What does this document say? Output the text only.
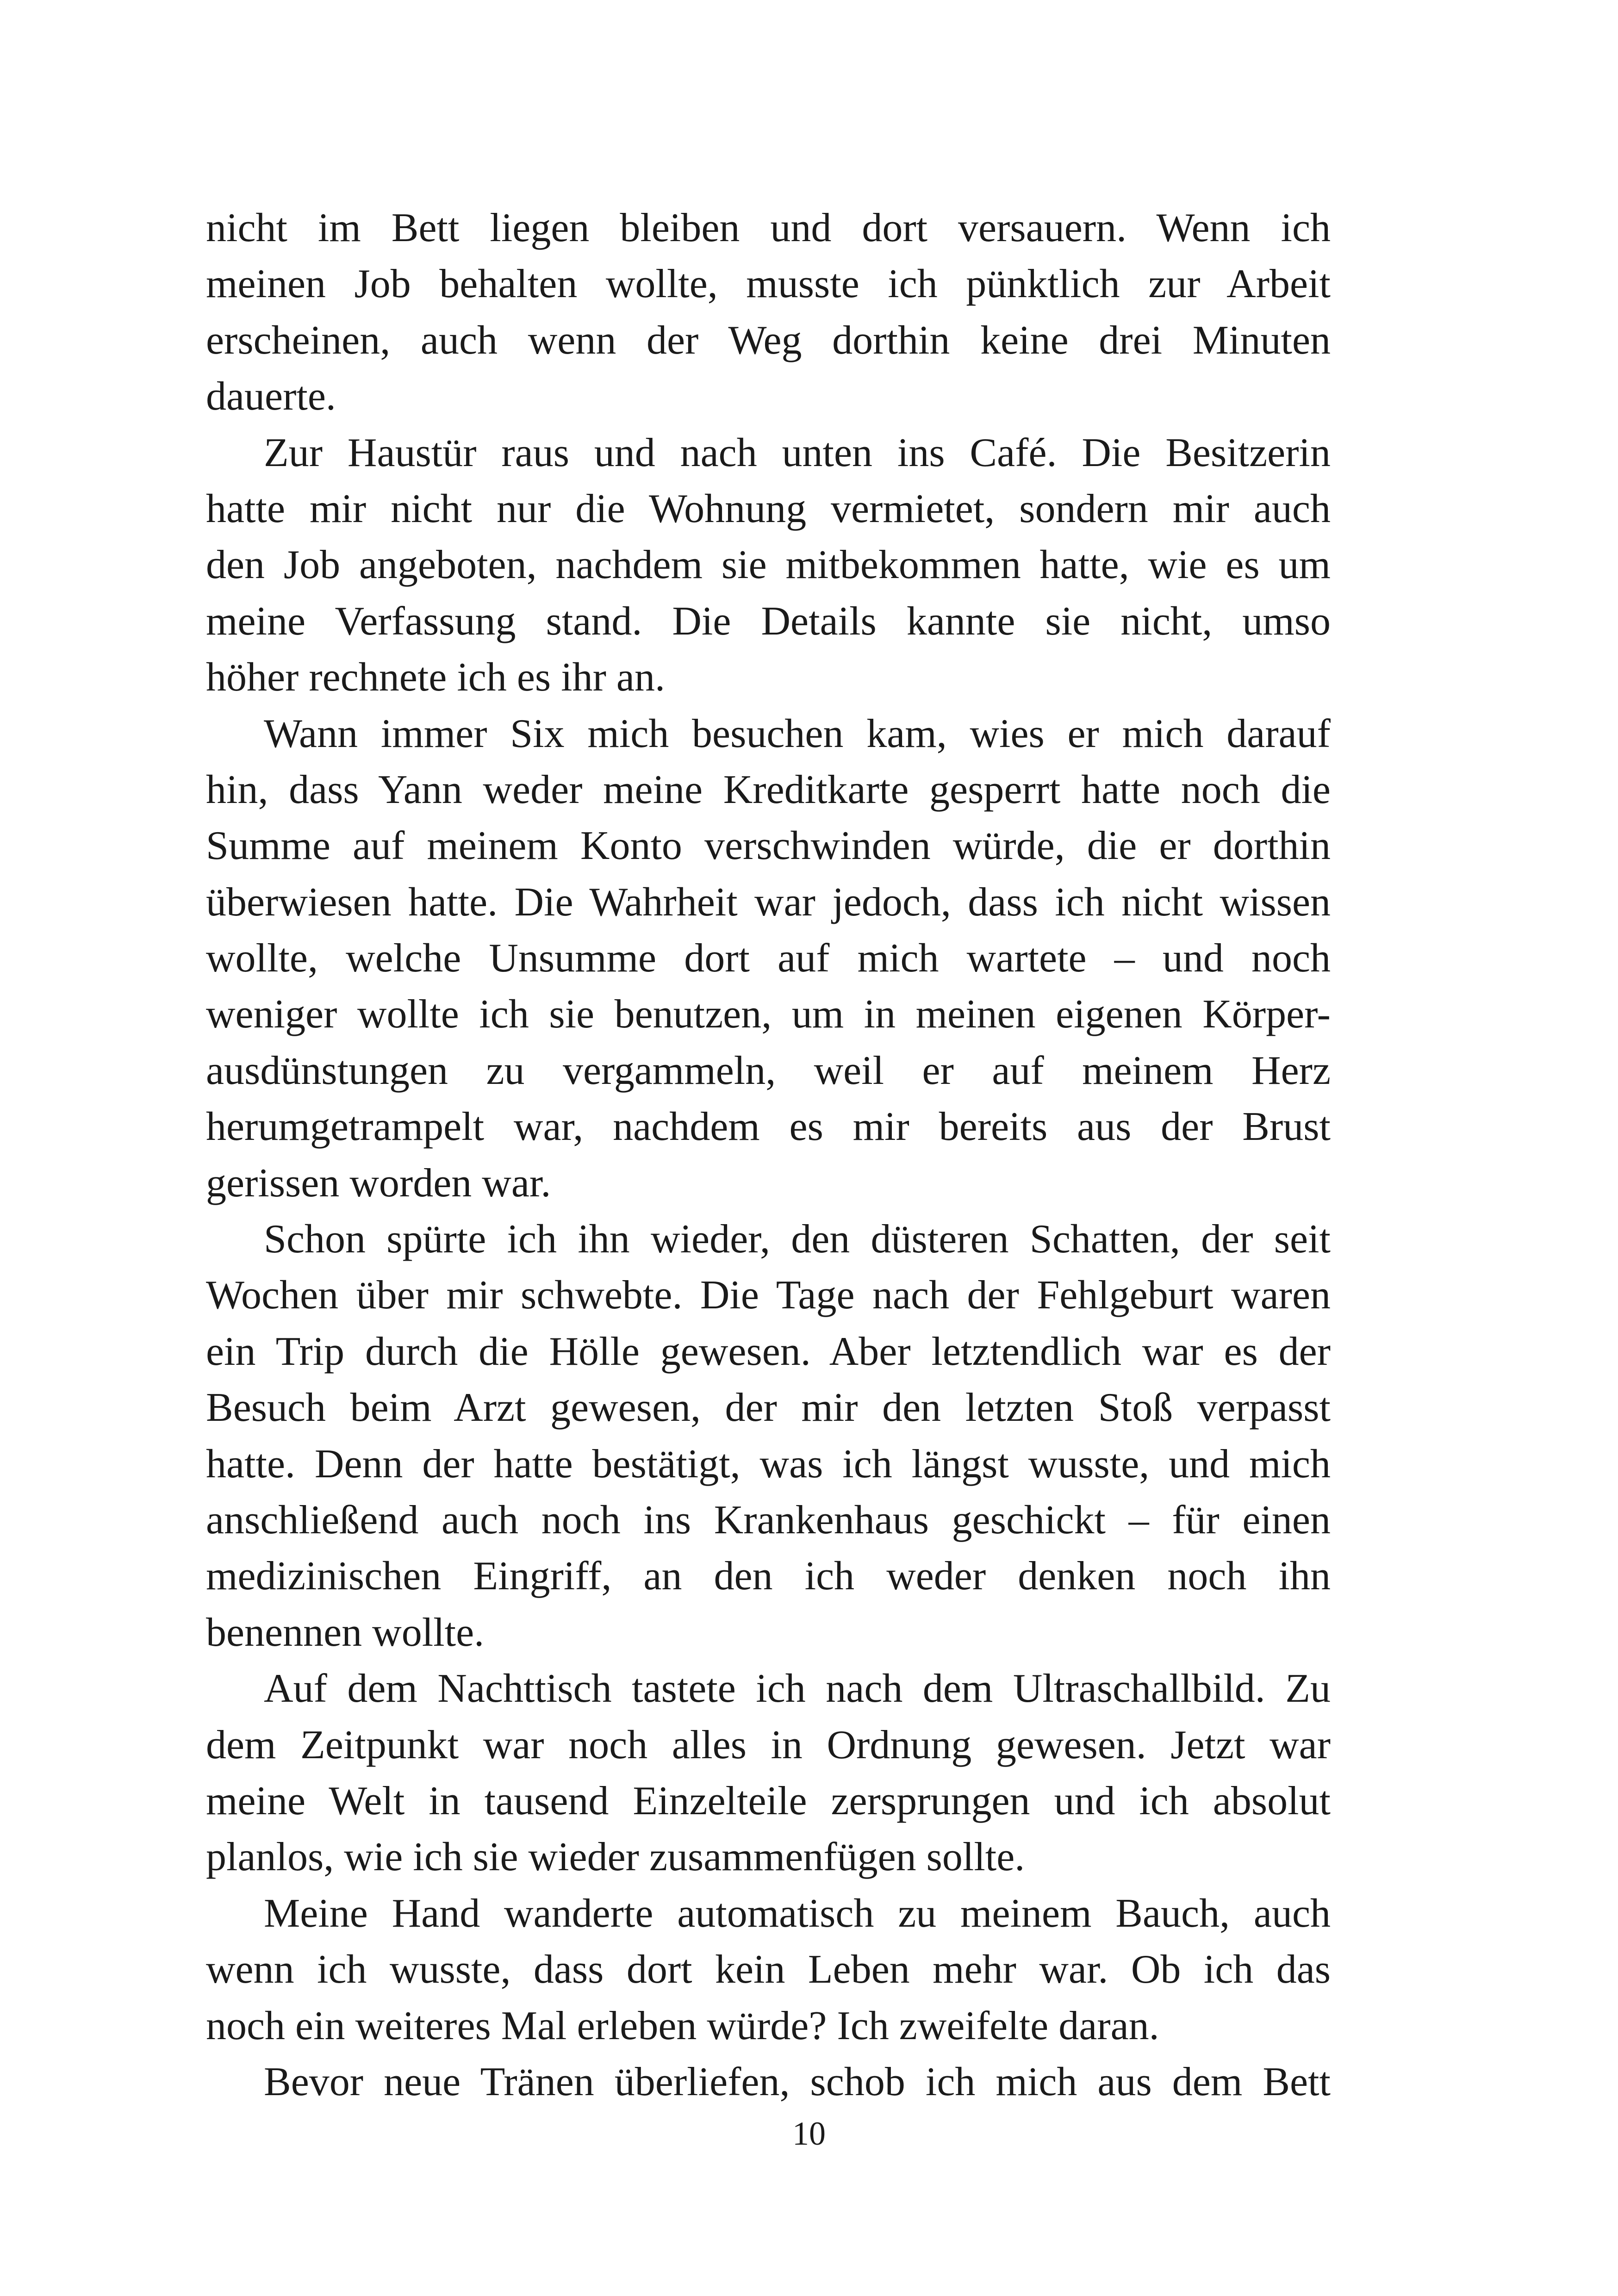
nicht im Bett liegen bleiben und dort versauern. Wenn ich
meinen Job behalten wollte, musste ich pünktlich zur Arbeit
erscheinen, auch wenn der Weg dorthin keine drei Minuten
dauerte.
Zur Haustür raus und nach unten ins Café. Die Besitzerin
hatte mir nicht nur die Wohnung vermietet, sondern mir auch
den Job angeboten, nachdem sie mitbekommen hatte, wie es um
meine Verfassung stand. Die Details kannte sie nicht, umso
höher rechnete ich es ihr an.
Wann immer Six mich besuchen kam, wies er mich darauf
hin, dass Yann weder meine Kreditkarte gesperrt hatte noch die
Summe auf meinem Konto verschwinden würde, die er dorthin
überwiesen hatte. Die Wahrheit war jedoch, dass ich nicht wissen
wollte, welche Unsumme dort auf mich wartete – und noch
weniger wollte ich sie benutzen, um in meinen eigenen Körper-
ausdünstungen zu vergammeln, weil er auf meinem Herz
herumgetrampelt war, nachdem es mir bereits aus der Brust
gerissen worden war.
Schon spürte ich ihn wieder, den düsteren Schatten, der seit
Wochen über mir schwebte. Die Tage nach der Fehlgeburt waren
ein Trip durch die Hölle gewesen. Aber letztendlich war es der
Besuch beim Arzt gewesen, der mir den letzten Stoß verpasst
hatte. Denn der hatte bestätigt, was ich längst wusste, und mich
anschließend auch noch ins Krankenhaus geschickt – für einen
medizinischen Eingriff, an den ich weder denken noch ihn
benennen wollte.
Auf dem Nachttisch tastete ich nach dem Ultraschallbild. Zu
dem Zeitpunkt war noch alles in Ordnung gewesen. Jetzt war
meine Welt in tausend Einzelteile zersprungen und ich absolut
planlos, wie ich sie wieder zusammenfügen sollte.
Meine Hand wanderte automatisch zu meinem Bauch, auch
wenn ich wusste, dass dort kein Leben mehr war. Ob ich das
noch ein weiteres Mal erleben würde? Ich zweifelte daran.
Bevor neue Tränen überliefen, schob ich mich aus dem Bett
10
